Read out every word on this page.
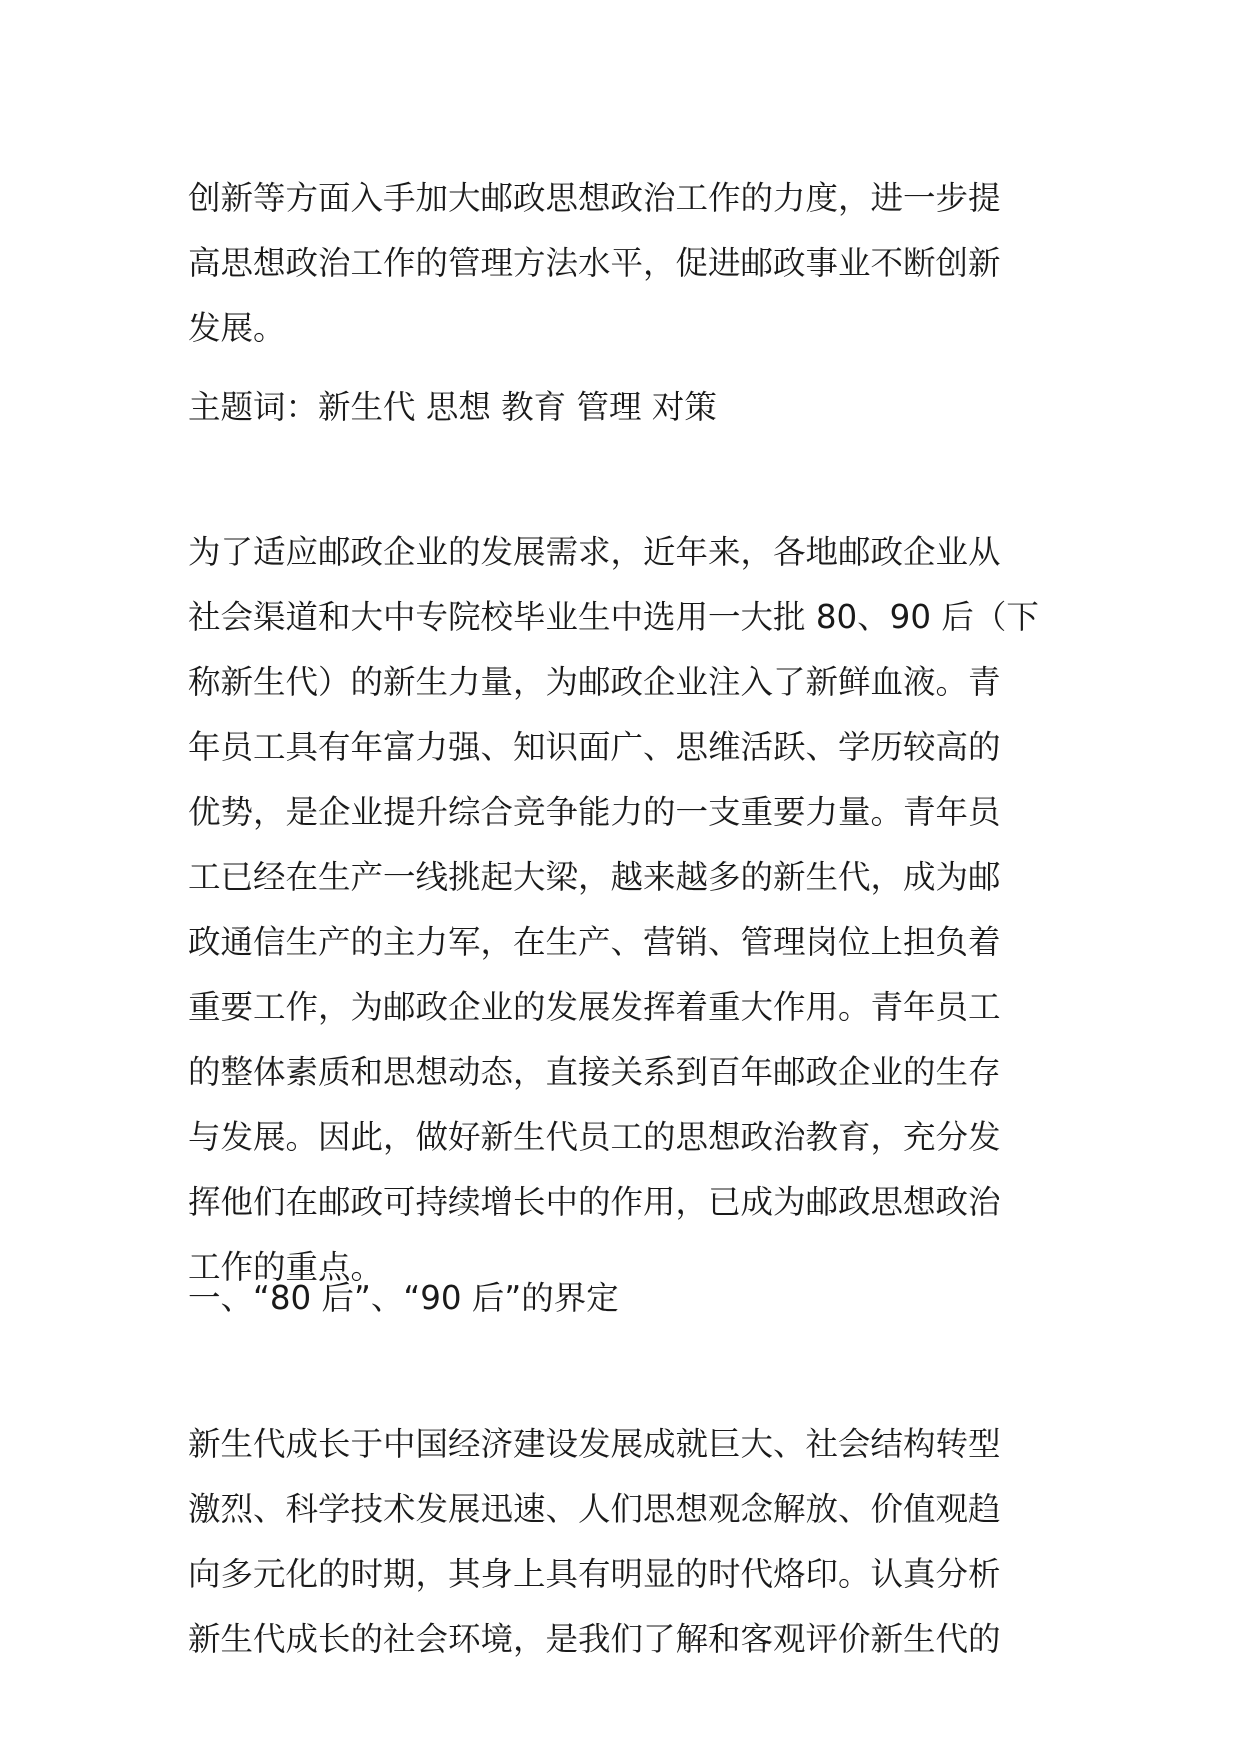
创新等方面入手加大邮政思想政治工作的力度，进一步提
高思想政治工作的管理方法水平，促进邮政事业不断创新
发展。
主题词：新生代 思想 教育 管理 对策
为了适应邮政企业的发展需求，近年来，各地邮政企业从
社会渠道和大中专院校毕业生中选用一大批 80、90 后（下
称新生代）的新生力量，为邮政企业注入了新鲜血液。青
年员工具有年富力强、知识面广、思维活跃、学历较高的
优势，是企业提升综合竞争能力的一支重要力量。青年员
工已经在生产一线挑起大梁，越来越多的新生代，成为邮
政通信生产的主力军，在生产、营销、管理岗位上担负着
重要工作，为邮政企业的发展发挥着重大作用。青年员工
的整体素质和思想动态，直接关系到百年邮政企业的生存
与发展。因此，做好新生代员工的思想政治教育，充分发
挥他们在邮政可持续增长中的作用，已成为邮政思想政治
工作的重点。
一、“80 后”、“90 后”的界定
新生代成长于中国经济建设发展成就巨大、社会结构转型
激烈、科学技术发展迅速、人们思想观念解放、价值观趋
向多元化的时期，其身上具有明显的时代烙印。认真分析
新生代成长的社会环境，是我们了解和客观评价新生代的
